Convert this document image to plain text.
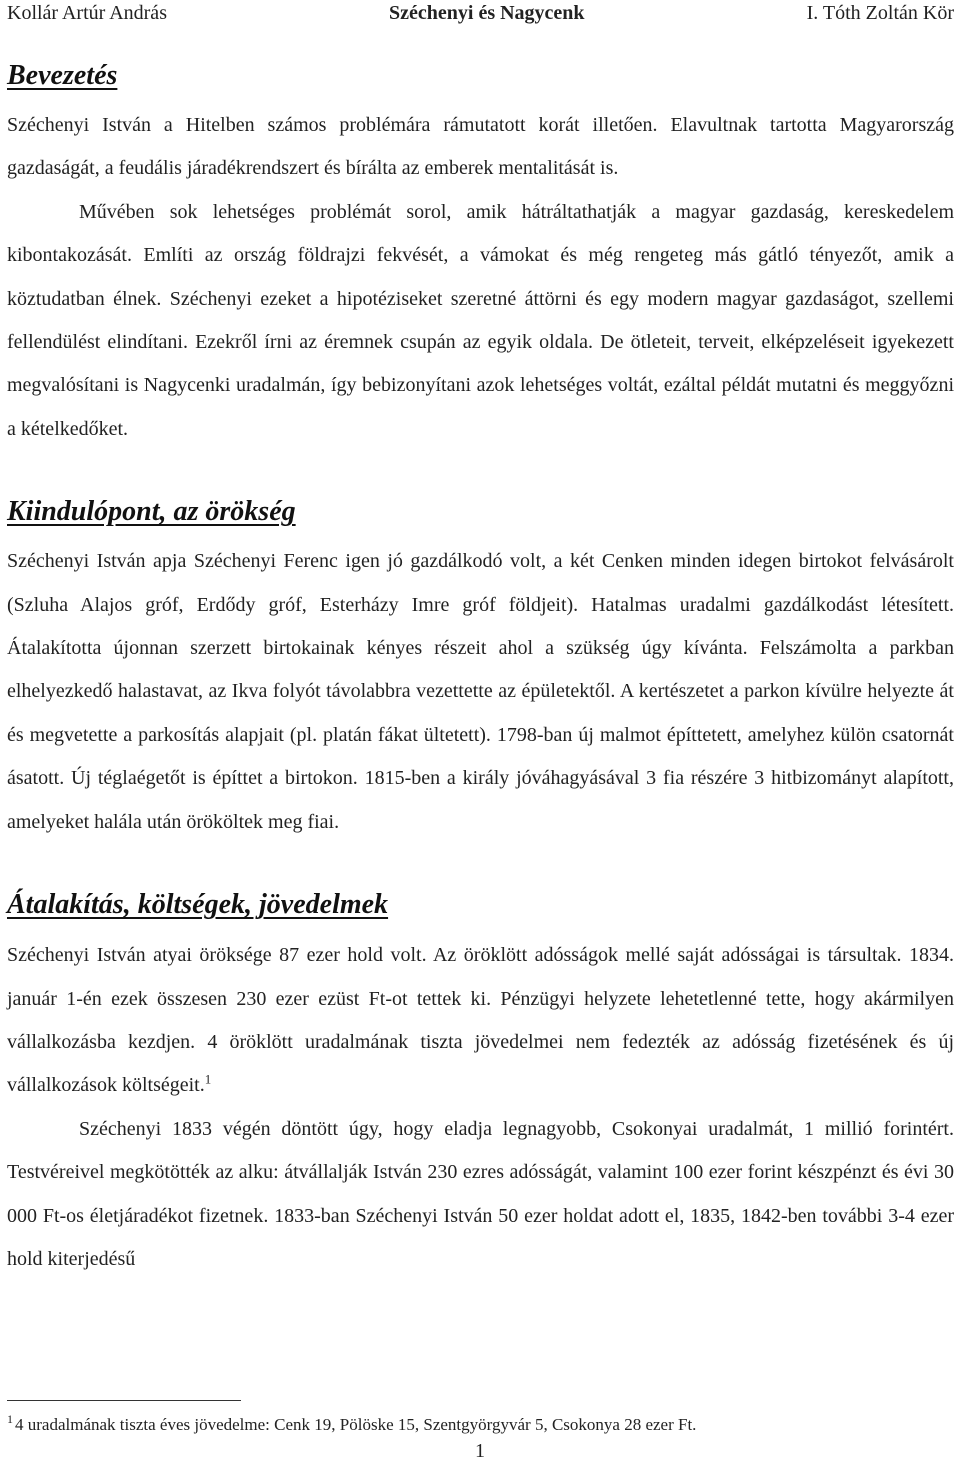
Kollár Artúr András	Széchenyi és Nagycenk	I. Tóth Zoltán Kör
Bevezetés

Széchenyi István a Hitelben számos problémára rámutatott korát illetően. Elavultnak tartotta Magyarország gazdaságát, a feudális járadékrendszert és bírálta az emberek mentalitását is.
Művében sok lehetséges problémát sorol, amik hátráltathatják a magyar gazdaság, kereskedelem kibontakozását. Említi az ország földrajzi fekvését, a vámokat és még rengeteg más gátló tényezőt, amik a köztudatban élnek. Széchenyi ezeket a hipotéziseket szeretné áttörni és egy modern magyar gazdaságot, szellemi fellendülést elindítani. Ezekről írni az éremnek csupán az egyik oldala. De ötleteit, terveit, elképzeléseit igyekezett megvalósítani is Nagycenki uradalmán, így bebizonyítani azok lehetséges voltát, ezáltal példát mutatni és meggyőzni a kételkedőket.

Kiindulópont, az örökség

Széchenyi István apja Széchenyi Ferenc igen jó gazdálkodó volt, a két Cenken minden idegen birtokot felvásárolt (Szluha Alajos gróf, Erdődy gróf, Esterházy Imre gróf földjeit). Hatalmas uradalmi gazdálkodást létesített. Átalakította újonnan szerzett birtokainak kényes részeit ahol a szükség úgy kívánta. Felszámolta a parkban elhelyezkedő halastavat, az Ikva folyót távolabbra vezettette az épületektől. A kertészetet a parkon kívülre helyezte át és megvetette a parkosítás alapjait (pl. platán fákat ültetett). 1798-ban új malmot építtetett, amelyhez külön csatornát ásatott. Új téglaégetőt is építtet a birtokon. 1815-ben a király jóváhagyásával 3 fia részére 3 hitbizományt alapított, amelyeket halála után örököltek meg fiai.

Átalakítás, költségek, jövedelmek

Széchenyi István atyai öröksége 87 ezer hold volt. Az öröklött adósságok mellé saját adósságai is társultak. 1834. január 1-én ezek összesen 230 ezer ezüst Ft-ot tettek ki. Pénzügyi helyzete lehetetlenné tette, hogy akármilyen vállalkozásba kezdjen. 4 öröklött uradalmának tiszta jövedelmei nem fedezték az adósság fizetésének és új vállalkozások költségeit.$^1$

Széchenyi 1833 végén döntött úgy, hogy eladja legnagyobb, Csokonyai uradalmát, 1 millió forintért. Testvéreivel megkötötték az alku: átvállalják István 230 ezres adósságát, valamint 100 ezer forint készpénzt és évi 30 000 Ft-os életjáradékot fizetnek. 1833-ban Széchenyi István 50 ezer holdat adott el, 1835, 1842-ben további 3-4 ezer hold kiterjedésű

$^1$ 4 uradalmának tiszta éves jövedelme: Cenk 19, Pölöske 15, Szentgyörgyvár 5, Csokonya 28 ezer Ft.
1
